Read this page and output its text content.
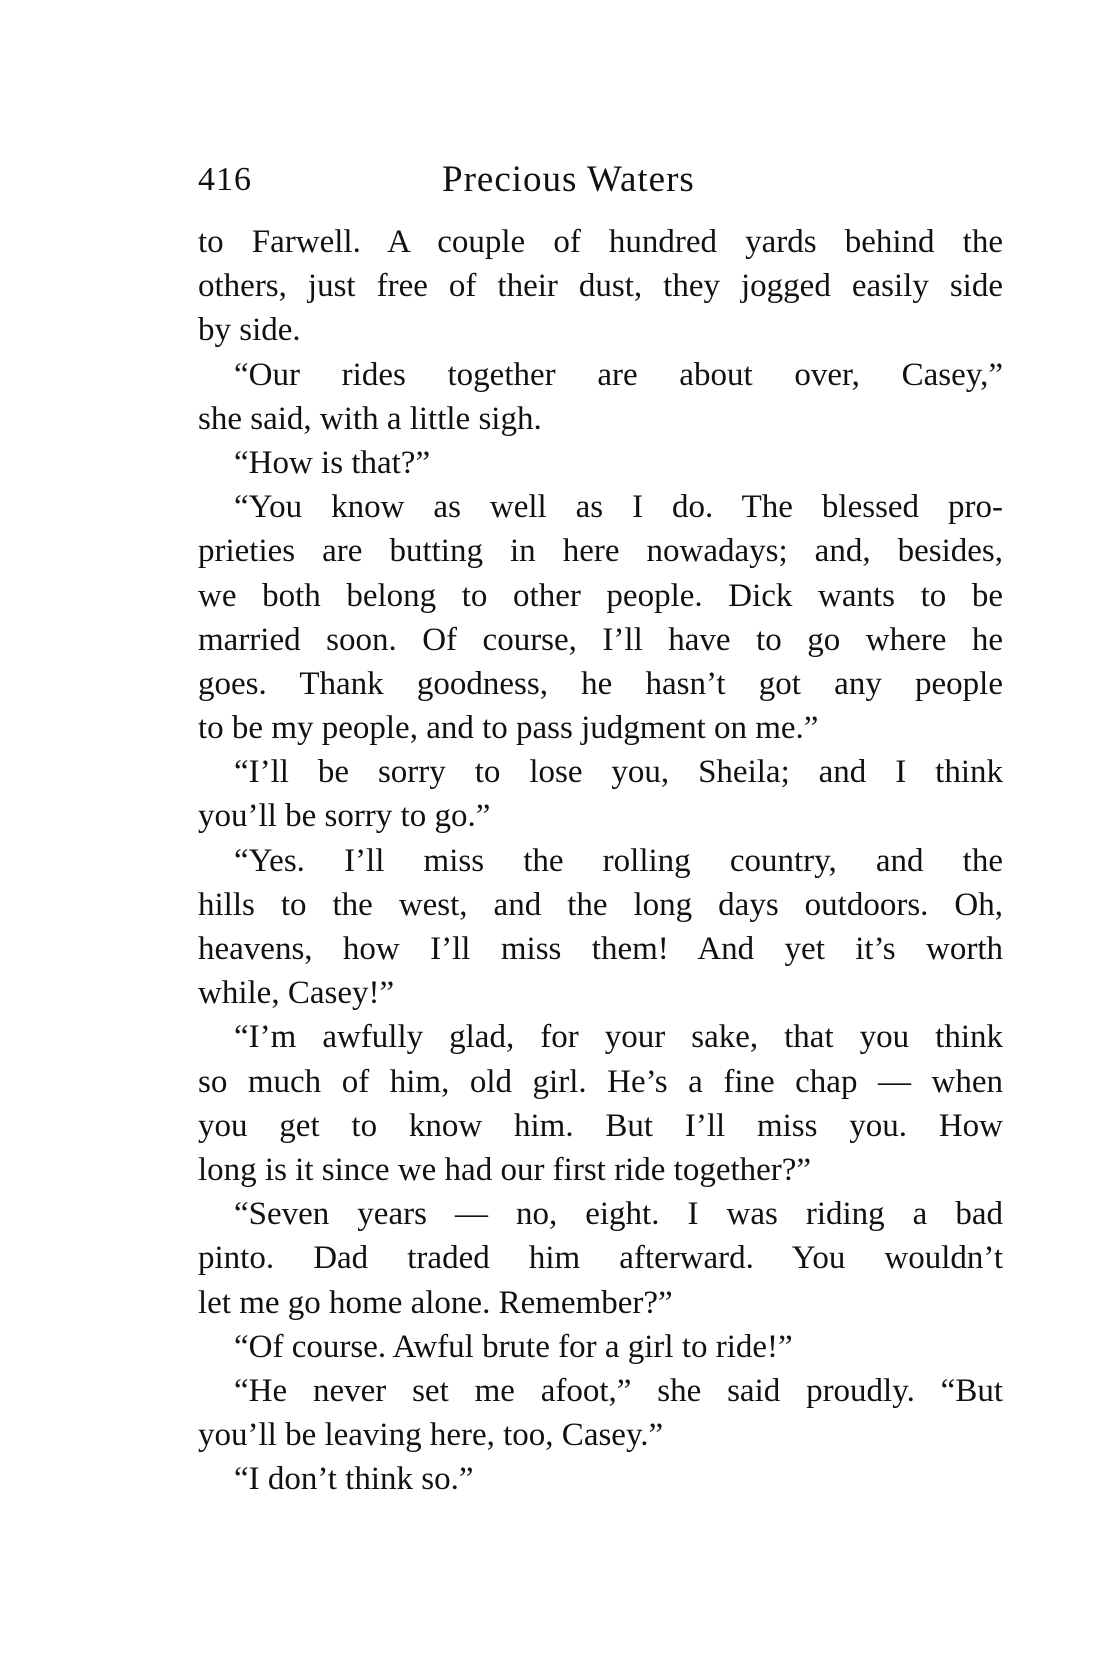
416	Precious Waters
to Farwell. A couple of hundred yards behind the
others, just free of their dust, they jogged easily side
by side.
“Our rides together are about over, Casey,”
she said, with a little sigh.
“How is that?”
“You know as well as I do. The blessed pro-
prieties are butting in here nowadays; and, besides,
we both belong to other people. Dick wants to be
married soon. Of course, I’ll have to go where he
goes. Thank goodness, he hasn’t got any people
to be my people, and to pass judgment on me.”
“I’ll be sorry to lose you, Sheila; and I think
you’ll be sorry to go.”
“Yes. I’ll miss the rolling country, and the
hills to the west, and the long days outdoors. Oh,
heavens, how I’ll miss them! And yet it’s worth
while, Casey!”
“I’m awfully glad, for your sake, that you think
so much of him, old girl. He’s a fine chap — when
you get to know him. But I’ll miss you. How
long is it since we had our first ride together?”
“Seven years — no, eight. I was riding a bad
pinto. Dad traded him afterward. You wouldn’t
let me go home alone. Remember?”
“Of course. Awful brute for a girl to ride!”
“He never set me afoot,” she said proudly. “But
you’ll be leaving here, too, Casey.”
“I don’t think so.”
